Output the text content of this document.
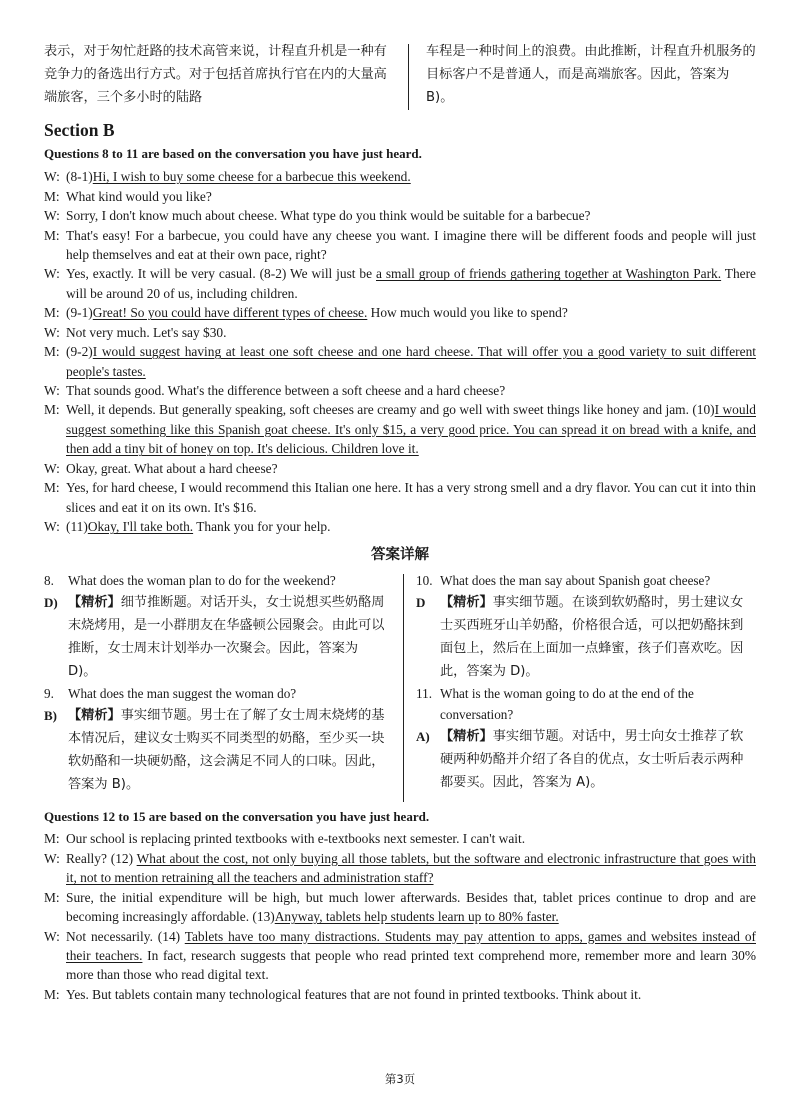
表示，对于匆忙赶路的技术高管来说，计程直升机是一种有竞争力的备选出行方式。对于包括首席执行官在内的大量高端旅客，三个多小时的陆路
车程是一种时间上的浪费。由此推断，计程直升机服务的目标客户不是普通人，而是高端旅客。因此，答案为 B)。
Section B
Questions 8 to 11 are based on the conversation you have just heard.
W: (8-1)Hi, I wish to buy some cheese for a barbecue this weekend.
M: What kind would you like?
W: Sorry, I don't know much about cheese. What type do you think would be suitable for a barbecue?
M: That's easy! For a barbecue, you could have any cheese you want. I imagine there will be different foods and people will just help themselves and eat at their own pace, right?
W: Yes, exactly. It will be very casual. (8-2) We will just be a small group of friends gathering together at Washington Park. There will be around 20 of us, including children.
M: (9-1)Great! So you could have different types of cheese. How much would you like to spend?
W: Not very much. Let's say $30.
M: (9-2)I would suggest having at least one soft cheese and one hard cheese. That will offer you a good variety to suit different people's tastes.
W: That sounds good. What's the difference between a soft cheese and a hard cheese?
M: Well, it depends. But generally speaking, soft cheeses are creamy and go well with sweet things like honey and jam. (10)I would suggest something like this Spanish goat cheese. It's only $15, a very good price. You can spread it on bread with a knife, and then add a tiny bit of honey on top. It's delicious. Children love it.
W: Okay, great. What about a hard cheese?
M: Yes, for hard cheese, I would recommend this Italian one here. It has a very strong smell and a dry flavor. You can cut it into thin slices and eat it on its own. It's $16.
W: (11)Okay, I'll take both. Thank you for your help.
答案详解
8.	What does the woman plan to do for the weekend?
D) 【精析】细节推断题。对话开头，女士说想买些奶酪周末烧烤用，是一小群朋友在华盛顿公园聚会。由此可以推断，女士周末计划举办一次聚会。因此，答案为 D)。
9.	What does the man suggest the woman do?
B) 【精析】事实细节题。男士在了解了女士周末烧烤的基本情况后，建议女士购买不同类型的奶酪，至少买一块软奶酪和一块硬奶酪，这会满足不同人的口味。因此，答案为 B)。
10. What does the man say about Spanish goat cheese?
D	【精析】事实细节题。在谈到软奶酪时，男士建议女士买西班牙山羊奶酪，价格很合适，可以把奶酪抹到面包上，然后在上面加一点蜂蜜，孩子们喜欢吃。因此，答案为 D)。
11. What is the woman going to do at the end of the conversation?
A) 【精析】事实细节题。对话中，男士向女士推荐了软硬两种奶酪并介绍了各自的优点，女士听后表示两种都要买。因此，答案为 A)。
Questions 12 to 15 are based on the conversation you have just heard.
M: Our school is replacing printed textbooks with e-textbooks next semester. I can't wait.
W: Really? (12) What about the cost, not only buying all those tablets, but the software and electronic infrastructure that goes with it, not to mention retraining all the teachers and administration staff?
M: Sure, the initial expenditure will be high, but much lower afterwards. Besides that, tablet prices continue to drop and are becoming increasingly affordable. (13)Anyway, tablets help students learn up to 80% faster.
W: Not necessarily. (14) Tablets have too many distractions. Students may pay attention to apps, games and websites instead of their teachers. In fact, research suggests that people who read printed text comprehend more, remember more and learn 30% more than those who read digital text.
M: Yes. But tablets contain many technological features that are not found in printed textbooks. Think about it.
第3页
